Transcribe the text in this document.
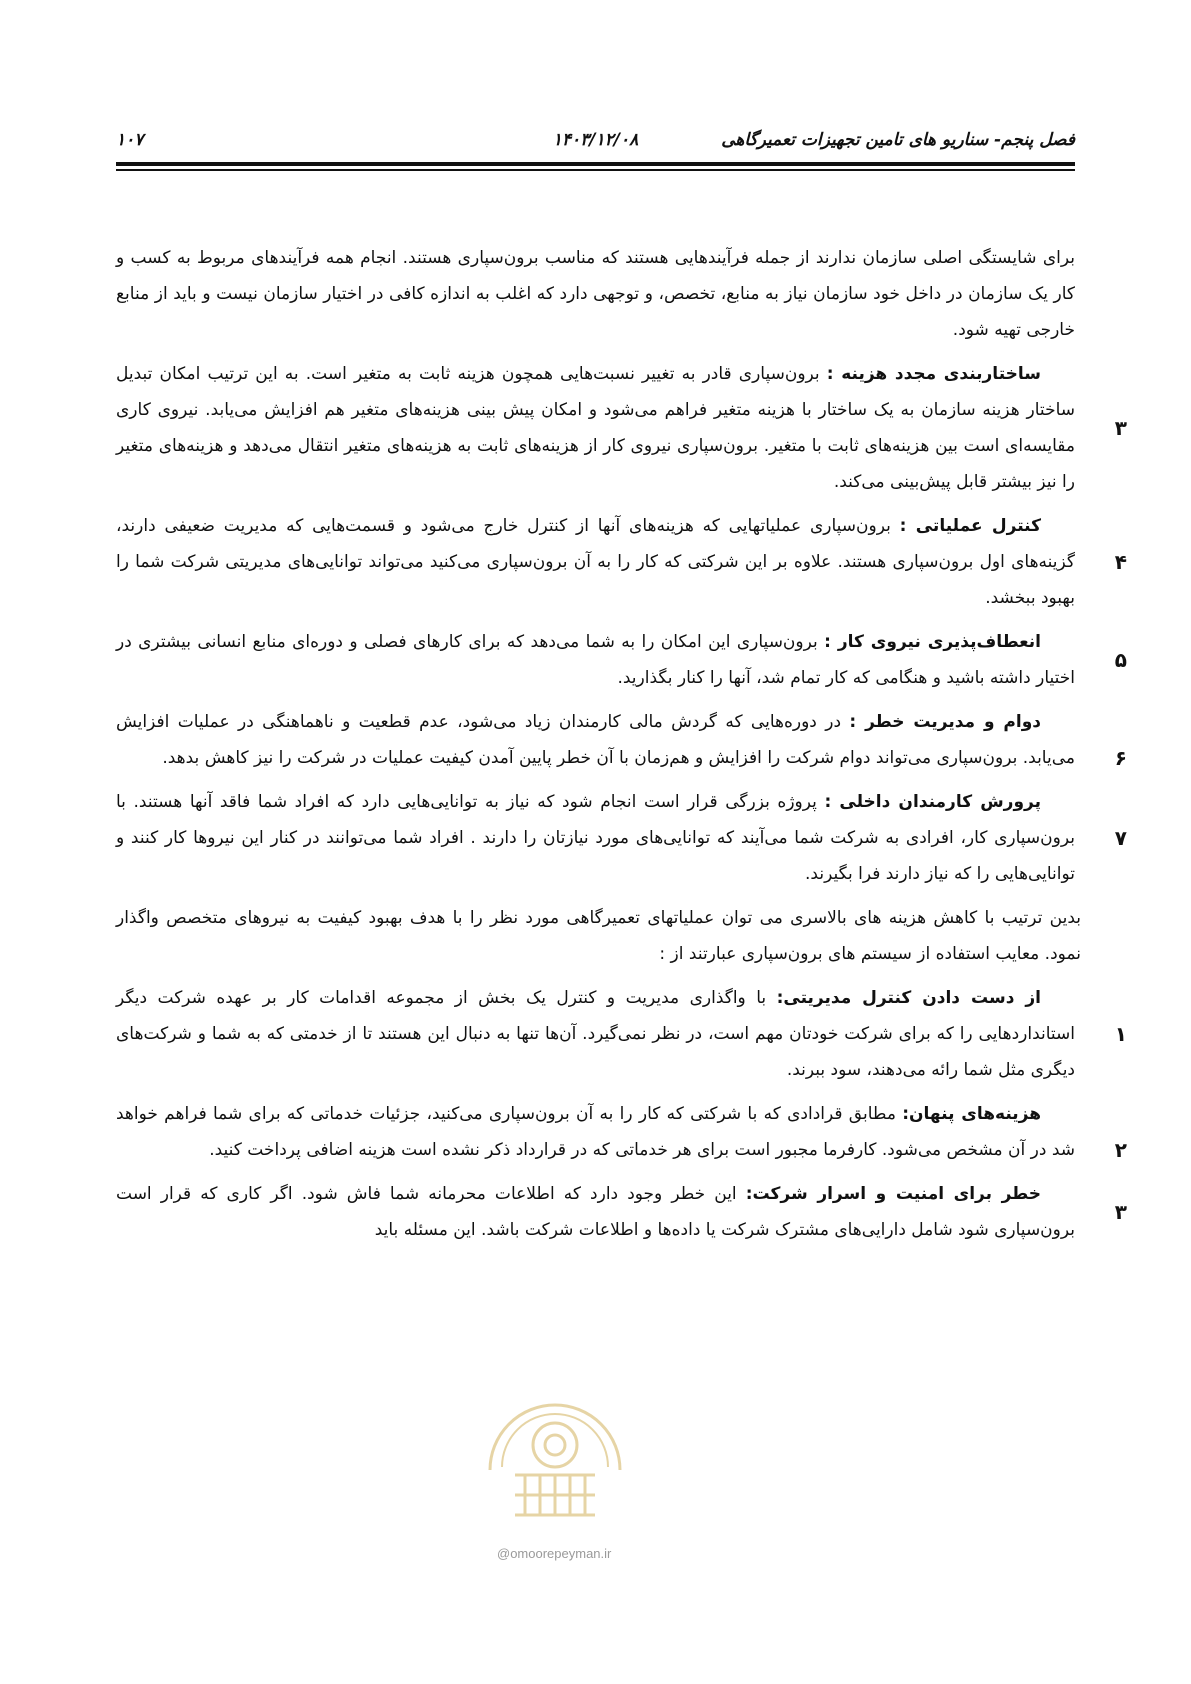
فصل پنجم- سناریو های تامین تجهیزات تعمیرگاهی
۱۴۰۳/۱۲/۰۸
۱۰۷

برای شایستگی اصلی سازمان ندارند از جمله فرآیندهایی هستند که مناسب برون‌سپاری هستند. انجام همه فرآیندهای مربوط به کسب و کار یک سازمان در داخل خود سازمان نیاز به منابع، تخصص، و توجهی دارد که اغلب به اندازه کافی در اختیار سازمان نیست و باید از منابع خارجی تهیه شود.

۳
  ساختاربندی مجدد هزینه : برون‌سپاری قادر به تغییر نسبت‌هایی همچون هزینه ثابت به متغیر است. به این ترتیب امکان تبدیل ساختار هزینه سازمان به یک ساختار با هزینه متغیر فراهم می‌شود و امکان پیش بینی هزینه‌های متغیر هم افزایش می‌یابد. نیروی کاری مقایسه‌ای است بین هزینه‌های ثابت با متغیر. برون‌سپاری نیروی کار از هزینه‌های ثابت به هزینه‌های متغیر انتقال می‌دهد و هزینه‌های متغیر را نیز بیشتر قابل پیش‌بینی می‌کند.
۴
  کنترل عملیاتی : برون‌سپاری عملیاتهایی که هزینه‌های آنها از کنترل خارج می‌شود و قسمت‌هایی که مدیریت ضعیفی دارند، گزینه‌های اول برون‌سپاری هستند. علاوه بر این شرکتی که کار را به آن برون‌سپاری می‌کنید می‌تواند توانایی‌های مدیریتی شرکت شما را بهبود ببخشد.
۵
  انعطاف‌پذیری نیروی کار : برون‌سپاری این امکان را به شما می‌دهد که برای کارهای فصلی و دوره‌ای منابع انسانی بیشتری در اختیار داشته باشید و هنگامی که کار تمام شد، آنها را کنار بگذارید.
۶
  دوام و مدیریت خطر : در دوره‌هایی که گردش مالی کارمندان زیاد می‌شود، عدم قطعیت و ناهماهنگی در عملیات افزایش می‌یابد. برون‌سپاری می‌تواند دوام شرکت را افزایش و هم‌زمان با آن خطر پایین آمدن کیفیت عملیات در شرکت را نیز کاهش بدهد.
۷
  پرورش کارمندان داخلی : پروژه بزرگی قرار است انجام شود که نیاز به توانایی‌هایی دارد که افراد شما فاقد آنها هستند. با برون‌سپاری کار، افرادی به شرکت شما می‌آیند که توانایی‌های مورد نیازتان را دارند . افراد شما می‌توانند در کنار این نیروها کار کنند و توانایی‌هایی را که نیاز دارند فرا بگیرند.

بدین ترتیب با کاهش هزینه های بالاسری می توان عملیاتهای تعمیرگاهی مورد نظر را با هدف بهبود کیفیت به نیروهای متخصص واگذار نمود. معایب استفاده از سیستم های برون‌سپاری عبارتند از :

۱
  از دست دادن کنترل مدیریتی: با واگذاری مدیریت و کنترل یک بخش از مجموعه اقدامات کار بر عهده شرکت دیگر استانداردهایی را که برای شرکت خودتان مهم است، در نظر نمی‌گیرد. آن‌ها تنها به دنبال این هستند تا از خدمتی که به شما و شرکت‌های دیگری مثل شما رائه می‌دهند، سود ببرند.
۲
  هزینه‌های پنهان: مطابق قرادادی که با شرکتی که کار را به آن برون‌سپاری می‌کنید، جزئیات خدماتی که برای شما فراهم خواهد شد در آن مشخص می‌شود. کارفرما مجبور است برای هر خدماتی که در قرارداد ذکر نشده است هزینه اضافی پرداخت کنید.
۳
  خطر برای امنیت و اسرار شرکت: این خطر وجود دارد که اطلاعات محرمانه شما فاش شود. اگر کاری که قرار است برون‌سپاری شود شامل دارایی‌های مشترک شرکت یا داده‌ها و اطلاعات شرکت باشد. این مسئله باید
@omoorepeyman.ir
